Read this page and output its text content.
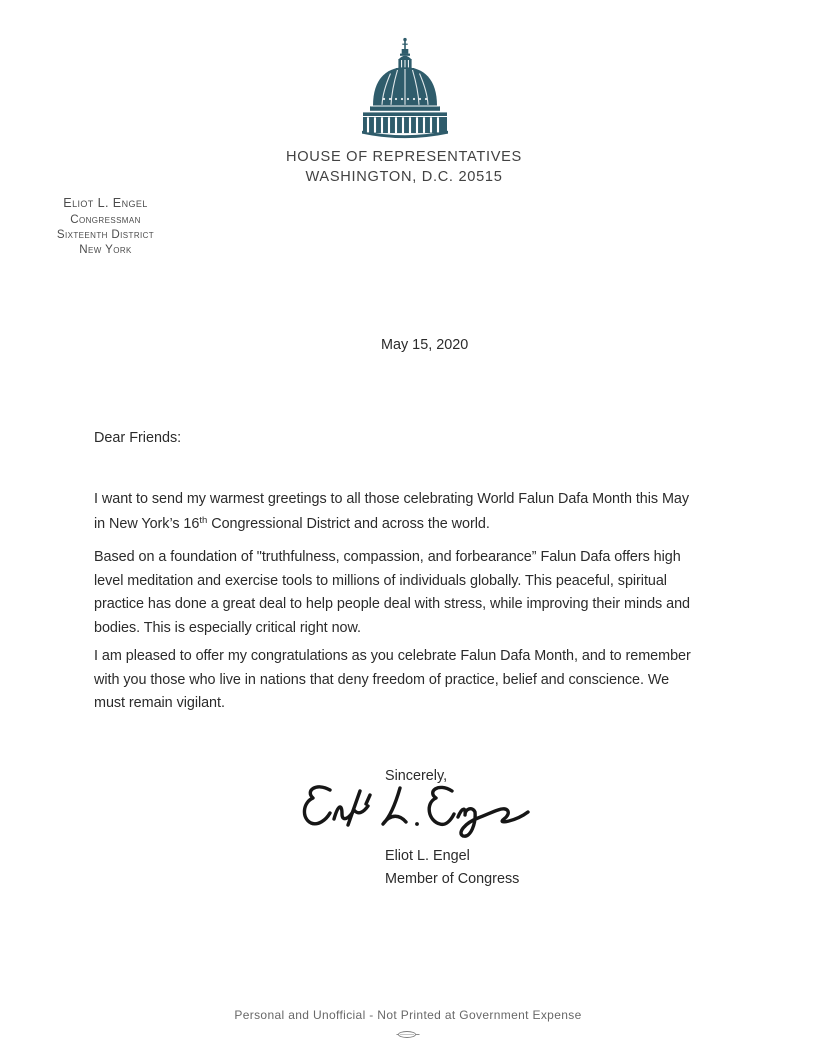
HOUSE OF REPRESENTATIVES
WASHINGTON, D.C. 20515
Eliot L. Engel
Congressman
Sixteenth District
New York
May 15, 2020
Dear Friends:
I want to send my warmest greetings to all those celebrating World Falun Dafa Month this May
in New York’s 16th Congressional District and across the world.
Based on a foundation of "truthfulness, compassion, and forbearance” Falun Dafa offers high
level meditation and exercise tools to millions of individuals globally. This peaceful, spiritual
practice has done a great deal to help people deal with stress, while improving their minds and
bodies. This is especially critical right now.
I am pleased to offer my congratulations as you celebrate Falun Dafa Month, and to remember
with you those who live in nations that deny freedom of practice, belief and conscience. We
must remain vigilant.
Sincerely,
Eliot L. Engel
Member of Congress
Personal and Unofficial - Not Printed at Government Expense
